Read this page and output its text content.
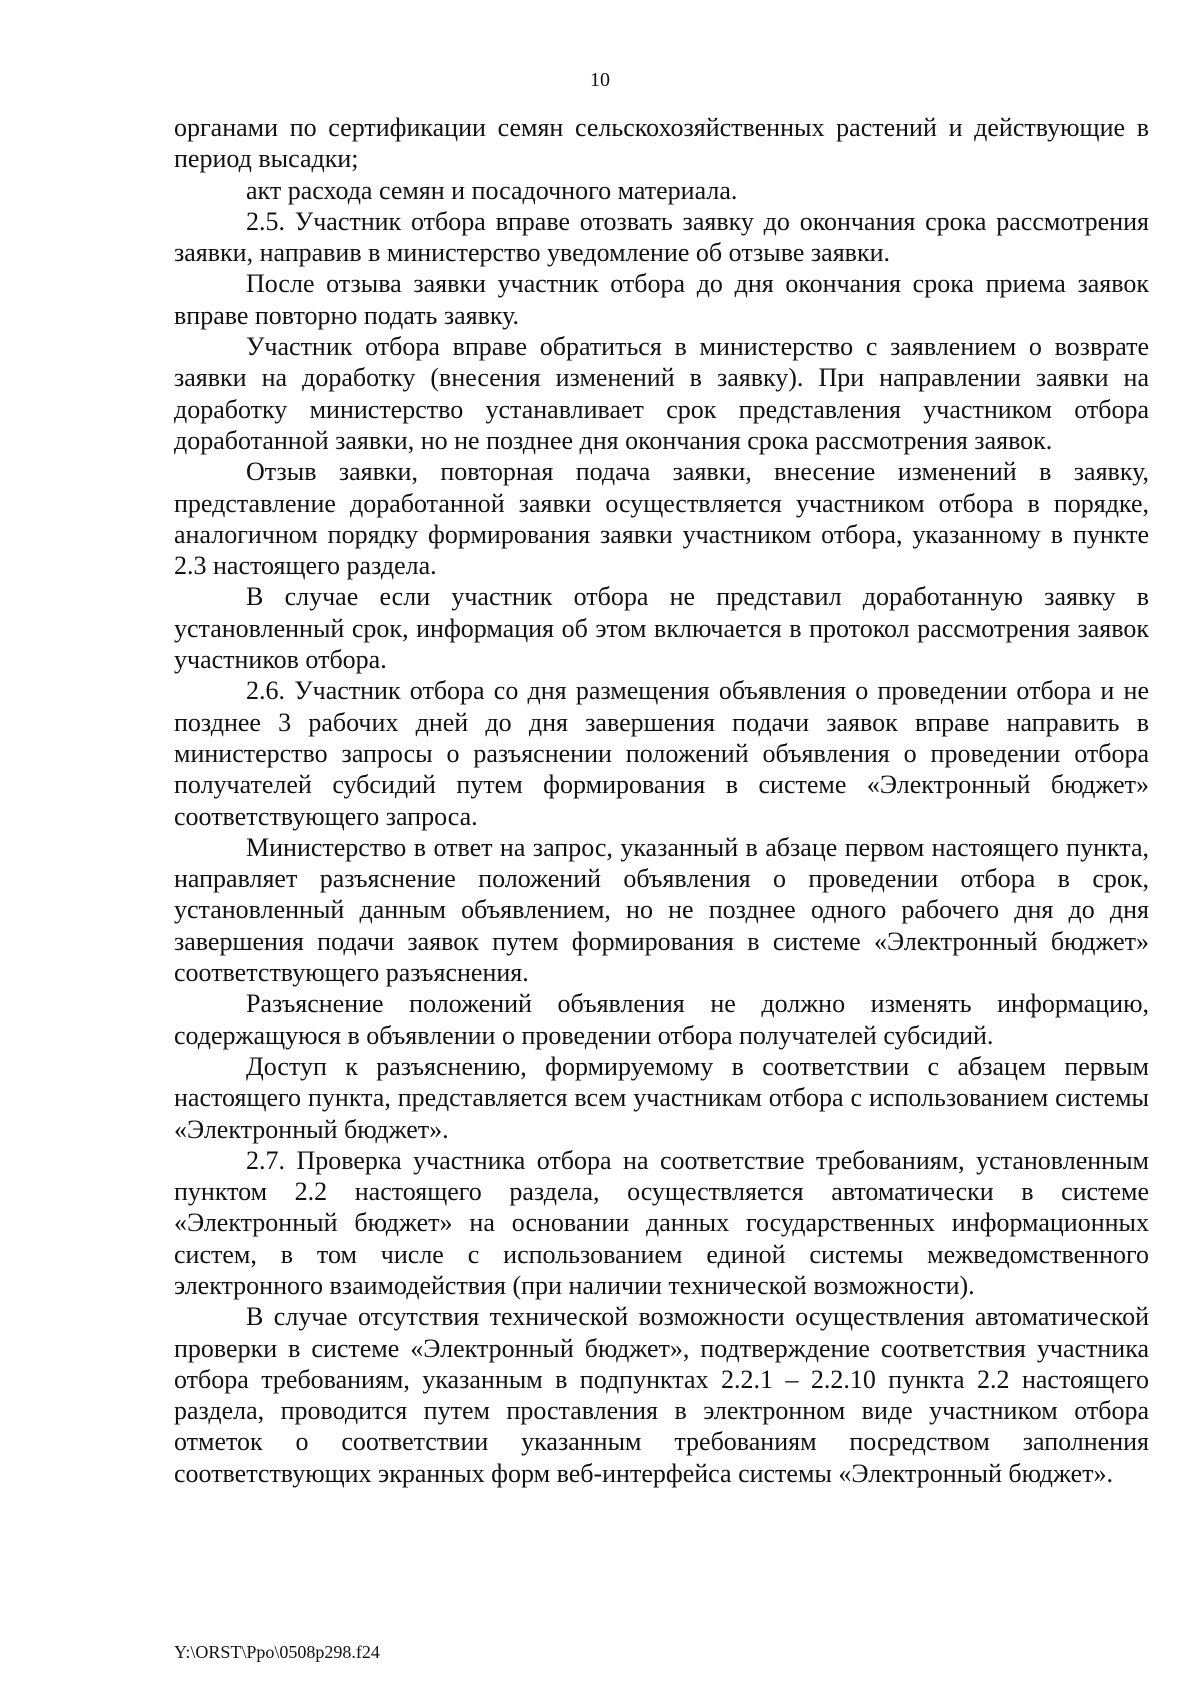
10

органами по сертификации семян сельскохозяйственных растений и действующие в период высадки;

акт расхода семян и посадочного материала.

2.5. Участник отбора вправе отозвать заявку до окончания срока рассмотрения заявки, направив в министерство уведомление об отзыве заявки.

После отзыва заявки участник отбора до дня окончания срока приема заявок вправе повторно подать заявку.

Участник отбора вправе обратиться в министерство с заявлением о возврате заявки на доработку (внесения изменений в заявку). При направлении заявки на доработку министерство устанавливает срок представления участником отбора доработанной заявки, но не позднее дня окончания срока рассмотрения заявок.

Отзыв заявки, повторная подача заявки, внесение изменений в заявку, представление доработанной заявки осуществляется участником отбора в порядке, аналогичном порядку формирования заявки участником отбора, указанному в пункте 2.3 настоящего раздела.

В случае если участник отбора не представил доработанную заявку в установленный срок, информация об этом включается в протокол рассмотрения заявок участников отбора.

2.6. Участник отбора со дня размещения объявления о проведении отбора и не позднее 3 рабочих дней до дня завершения подачи заявок вправе направить в министерство запросы о разъяснении положений объявления о проведении отбора получателей субсидий путем формирования в системе «Электронный бюджет» соответствующего запроса.

Министерство в ответ на запрос, указанный в абзаце первом настоящего пункта, направляет разъяснение положений объявления о проведении отбора в срок, установленный данным объявлением, но не позднее одного рабочего дня до дня завершения подачи заявок путем формирования в системе «Электронный бюджет» соответствующего разъяснения.

Разъяснение положений объявления не должно изменять информацию, содержащуюся в объявлении о проведении отбора получателей субсидий.

Доступ к разъяснению, формируемому в соответствии с абзацем первым настоящего пункта, представляется всем участникам отбора с использованием системы «Электронный бюджет».

2.7. Проверка участника отбора на соответствие требованиям, установленным пунктом 2.2 настоящего раздела, осуществляется автоматически в системе «Электронный бюджет» на основании данных государственных информационных систем, в том числе с использованием единой системы межведомственного электронного взаимодействия (при наличии технической возможности).

В случае отсутствия технической возможности осуществления автоматической проверки в системе «Электронный бюджет», подтверждение соответствия участника отбора требованиям, указанным в подпунктах 2.2.1 – 2.2.10 пункта 2.2 настоящего раздела, проводится путем проставления в электронном виде участником отбора отметок о соответствии указанным требованиям посредством заполнения соответствующих экранных форм веб-интерфейса системы «Электронный бюджет».

Y:\ORST\Ppo\0508p298.f24
